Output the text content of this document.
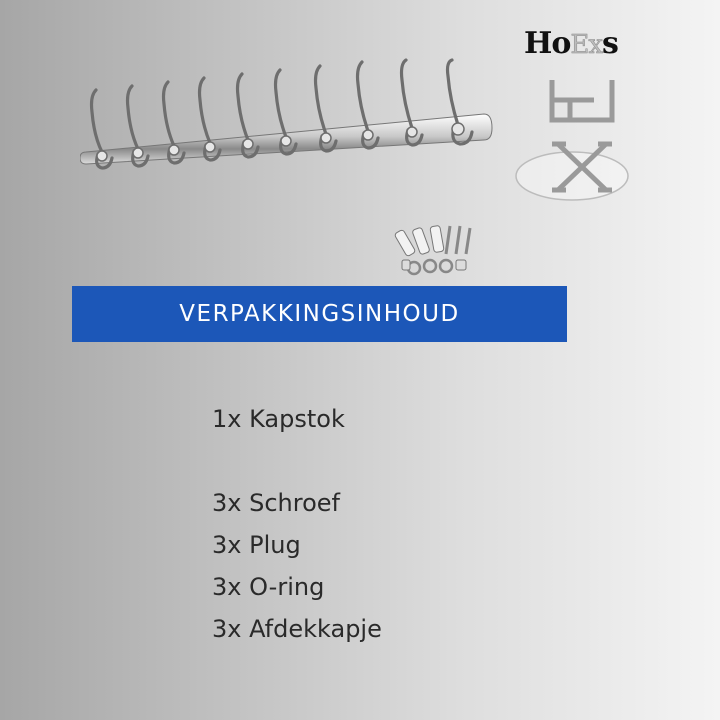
HoExs
VERPAKKINGSINHOUD
1x Kapstok
3x Schroef
3x Plug
3x O-ring
3x Afdekkapje
